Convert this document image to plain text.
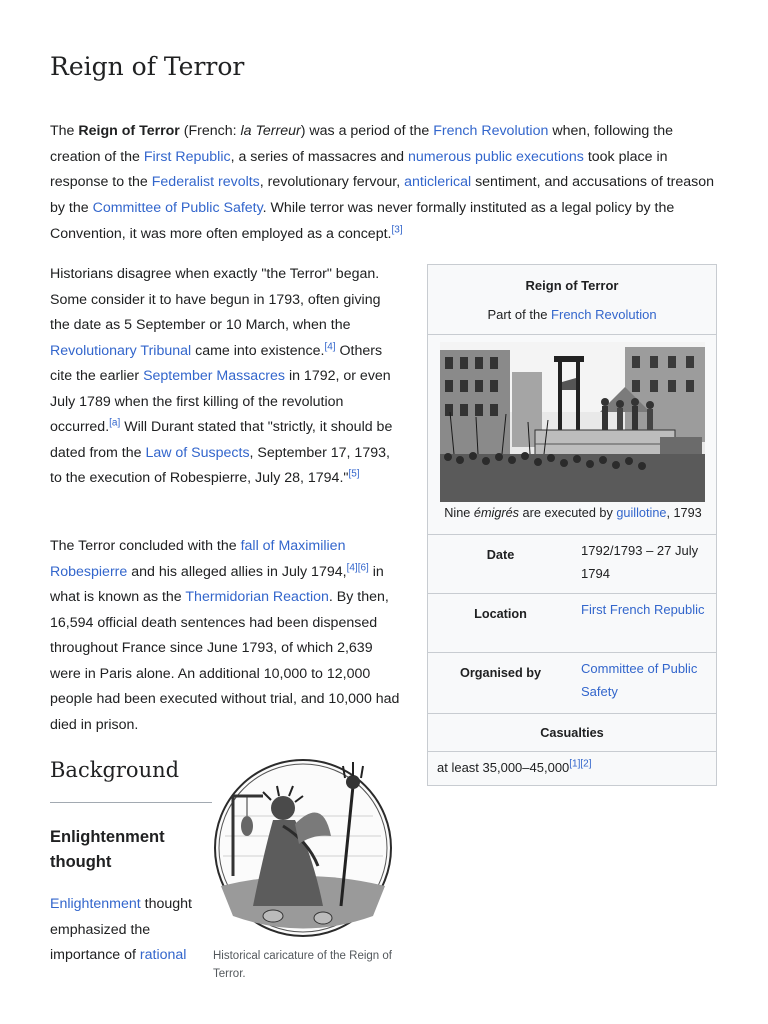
Reign of Terror

The Reign of Terror (French: la Terreur) was a period of the French Revolution when, following the creation of the First Republic, a series of massacres and numerous public executions took place in response to the Federalist revolts, revolutionary fervour, anticlerical sentiment, and accusations of treason by the Committee of Public Safety. While terror was never formally instituted as a legal policy by the Convention, it was more often employed as a concept.[3]

Historians disagree when exactly "the Terror" began. Some consider it to have begun in 1793, often giving the date as 5 September or 10 March, when the Revolutionary Tribunal came into existence.[4] Others cite the earlier September Massacres in 1792, or even July 1789 when the first killing of the revolution occurred.[a] Will Durant stated that "strictly, it should be dated from the Law of Suspects, September 17, 1793, to the execution of Robespierre, July 28, 1794."[5]

The Terror concluded with the fall of Maximilien Robespierre and his alleged allies in July 1794,[4][6] in what is known as the Thermidorian Reaction. By then, 16,594 official death sentences had been dispensed throughout France since June 1793, of which 2,639 were in Paris alone. An additional 10,000 to 12,000 people had been executed without trial, and 10,000 had died in prison.

Reign of Terror
Part of the French Revolution
Nine émigrés are executed by guillotine, 1793
Date	1792/1793 – 27 July 1794
Location	First French Republic
Organised by	Committee of Public Safety
Casualties
at least 35,000–45,000[1][2]
Background
Enlightenment thought

Enlightenment thought emphasized the importance of rational	Historical caricature of the Reign of Terror.
